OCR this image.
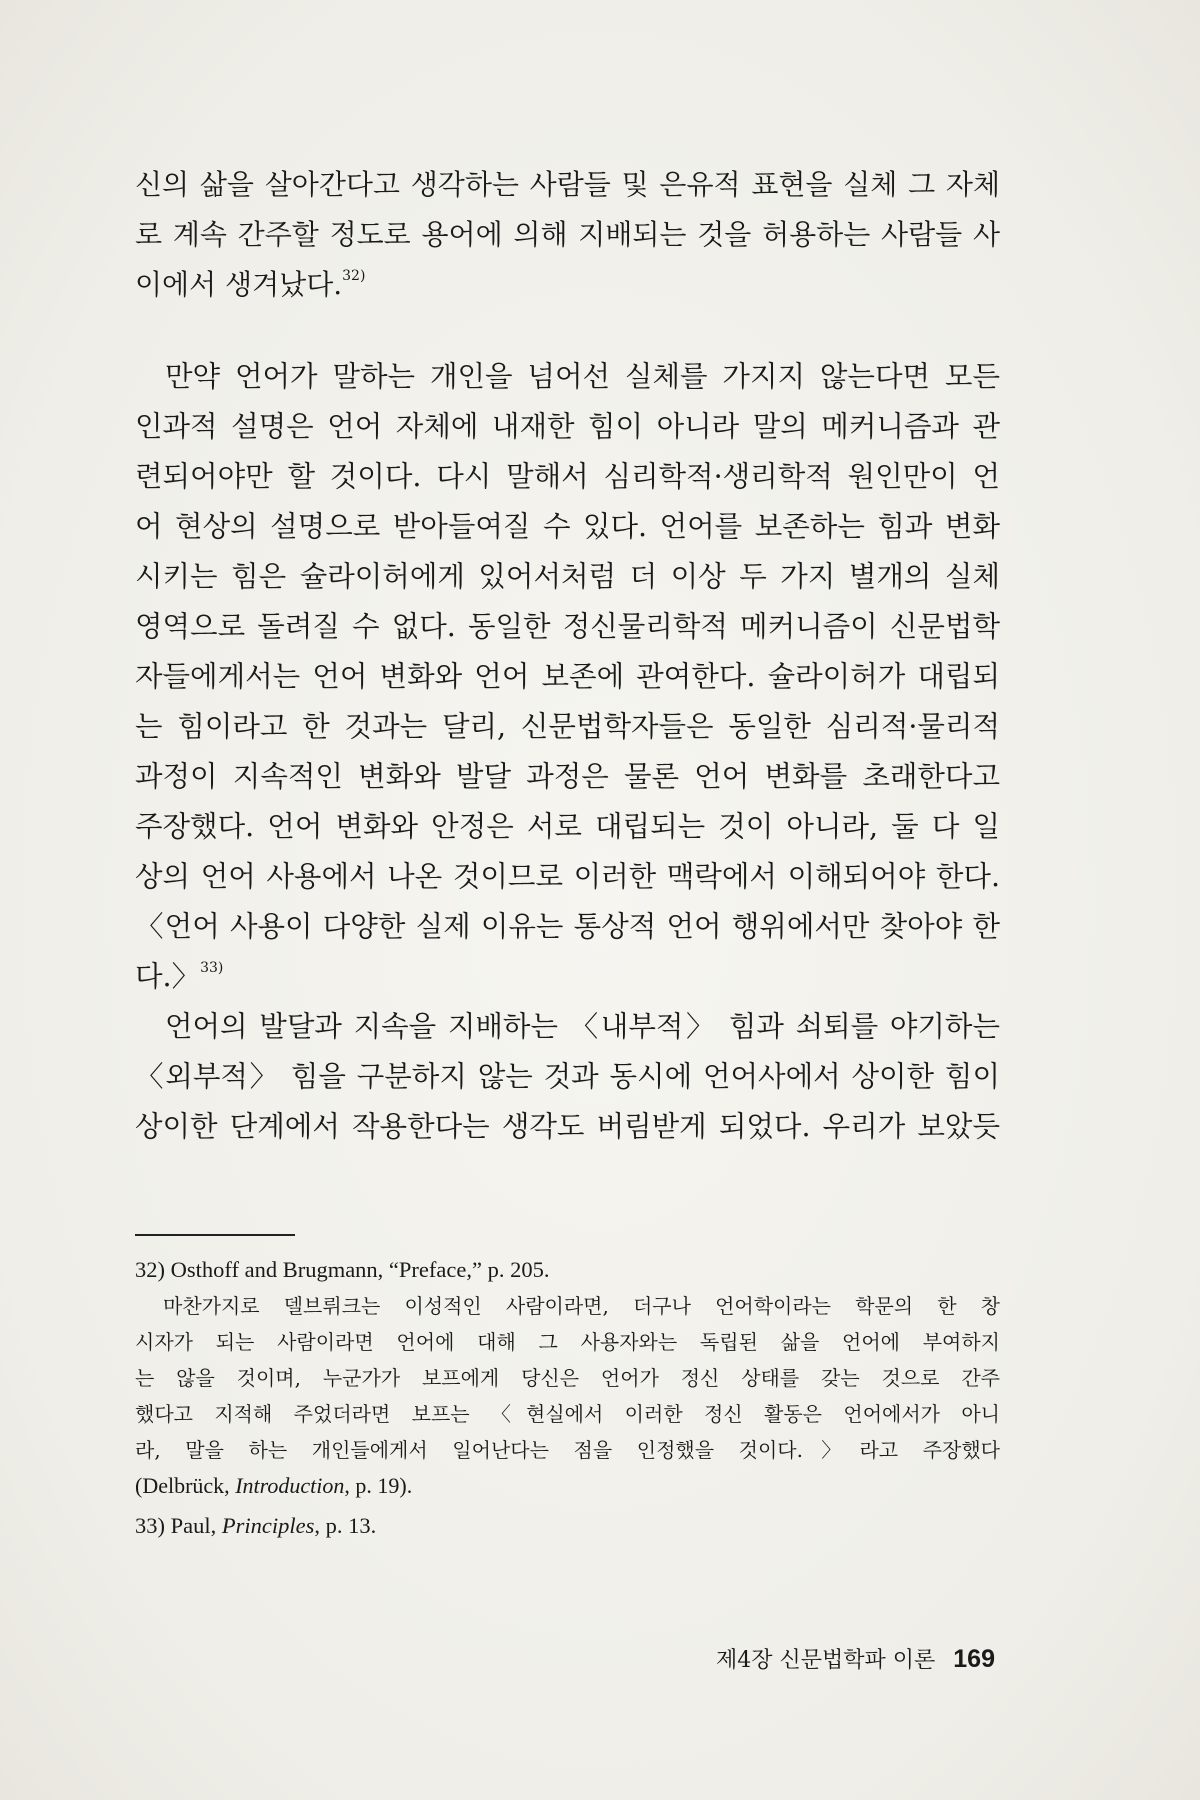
신의 삶을 살아간다고 생각하는 사람들 및 은유적 표현을 실체 그 자체

로 계속 간주할 정도로 용어에 의해 지배되는 것을 허용하는 사람들 사

이에서 생겨났다.$^{32)}$

만약 언어가 말하는 개인을 넘어선 실체를 가지지 않는다면 모든

인과적 설명은 언어 자체에 내재한 힘이 아니라 말의 메커니즘과 관

련되어야만 할 것이다. 다시 말해서 심리학적·생리학적 원인만이 언

어 현상의 설명으로 받아들여질 수 있다. 언어를 보존하는 힘과 변화

시키는 힘은 슐라이허에게 있어서처럼 더 이상 두 가지 별개의 실체

영역으로 돌려질 수 없다. 동일한 정신물리학적 메커니즘이 신문법학

자들에게서는 언어 변화와 언어 보존에 관여한다. 슐라이허가 대립되

는 힘이라고 한 것과는 달리, 신문법학자들은 동일한 심리적·물리적

과정이 지속적인 변화와 발달 과정은 물론 언어 변화를 초래한다고

주장했다. 언어 변화와 안정은 서로 대립되는 것이 아니라, 둘 다 일

상의 언어 사용에서 나온 것이므로 이러한 맥락에서 이해되어야 한다.

〈언어 사용이 다양한 실제 이유는 통상적 언어 행위에서만 찾아야 한

다.〉$^{33)}$

언어의 발달과 지속을 지배하는 〈내부적〉 힘과 쇠퇴를 야기하는

〈외부적〉 힘을 구분하지 않는 것과 동시에 언어사에서 상이한 힘이

상이한 단계에서 작용한다는 생각도 버림받게 되었다. 우리가 보았듯

32) Osthoff and Brugmann, “Preface,” p. 205.

마찬가지로 델브뤼크는 이성적인 사람이라면, 더구나 언어학이라는 학문의 한 창

시자가 되는 사람이라면 언어에 대해 그 사용자와는 독립된 삶을 언어에 부여하지

는 않을 것이며, 누군가가 보프에게 당신은 언어가 정신 상태를 갖는 것으로 간주

했다고 지적해 주었더라면 보프는 〈현실에서 이러한 정신 활동은 언어에서가 아니

라, 말을 하는 개인들에게서 일어난다는 점을 인정했을 것이다.〉라고 주장했다

(Delbrück, Introduction, p. 19).

33) Paul, Principles, p. 13.

제4장 신문법학파 이론 169
